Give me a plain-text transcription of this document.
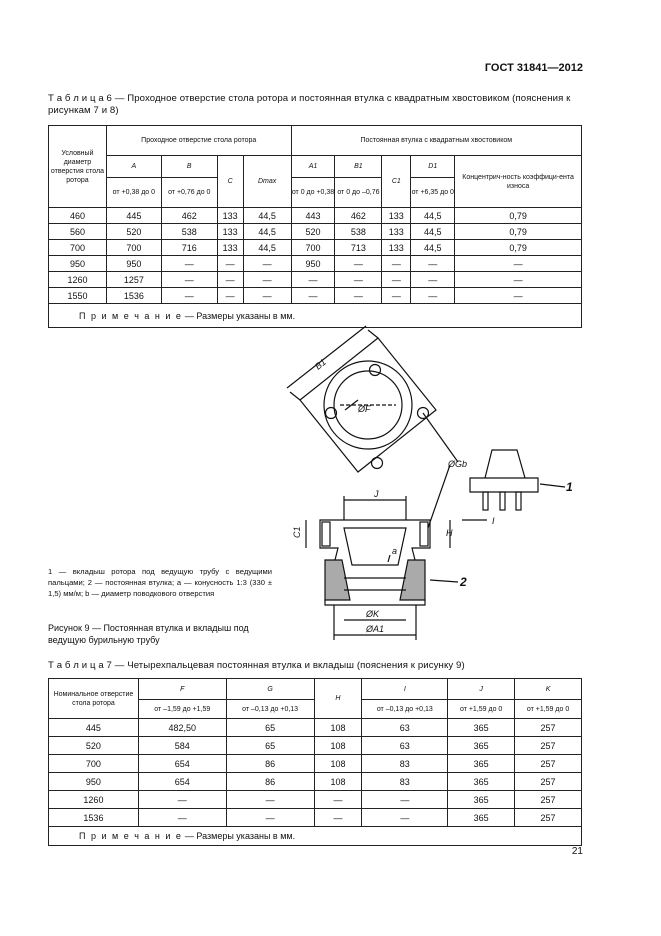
ГОСТ 31841—2012
Т а б л и ц а 6 — Проходное отверстие стола ротора и постоянная втулка с квадратным хвостовиком (пояснения к
рисункам 7 и 8)
Условный диаметр отверстия стола ротора	Проходное отверстие стола ротора				Постоянная втулка с квадратным хвостовиком				
	A	B	C	Dmax	A1	B1	C1	D1	Концентрич-ность коэффици-ента износа
	от +0,38 до 0	от +0,76 до 0			от 0 до +0,38	от 0 до –0,76		от +6,35 до 0	
460	445	462	133	44,5	443	462	133	44,5	0,79
560	520	538	133	44,5	520	538	133	44,5	0,79
700	700	716	133	44,5	700	713	133	44,5	0,79
950	950	—	—	—	950	—	—	—	—
1260	1257	—	—	—	—	—	—	—	—
1550	1536	—	—	—	—	—	—	—	—
П р и м е ч а н и е — Размеры указаны в мм.									
B1
ØF
ØGb
J
C1	H
I
a
ØK
ØA1
1
2
1 — вкладыш ротора под ведущую трубу с ведущими пальцами; 2 — постоянная втулка; a — конусность 1:3 (330 ± 1,5) мм/м; b — диаметр поводкового отверстия
Рисунок 9 — Постоянная втулка и вкладыш под ведущую бурильную трубу
Т а б л и ц а 7 — Четырехпальцевая постоянная втулка и вкладыш (пояснения к рисунку 9)
Номинальное отверстие стола ротора	F	G	H	I	J	K
	от –1,59 до +1,59	от –0,13 до +0,13		от –0,13 до +0,13	от +1,59 до 0	от +1,59 до 0
445	482,50	65	108	63	365	257
520	584	65	108	63	365	257
700	654	86	108	83	365	257
950	654	86	108	83	365	257
1260	—	—	—	—	365	257
1536	—	—	—	—	365	257
П р и м е ч а н и е — Размеры указаны в мм.						
21
